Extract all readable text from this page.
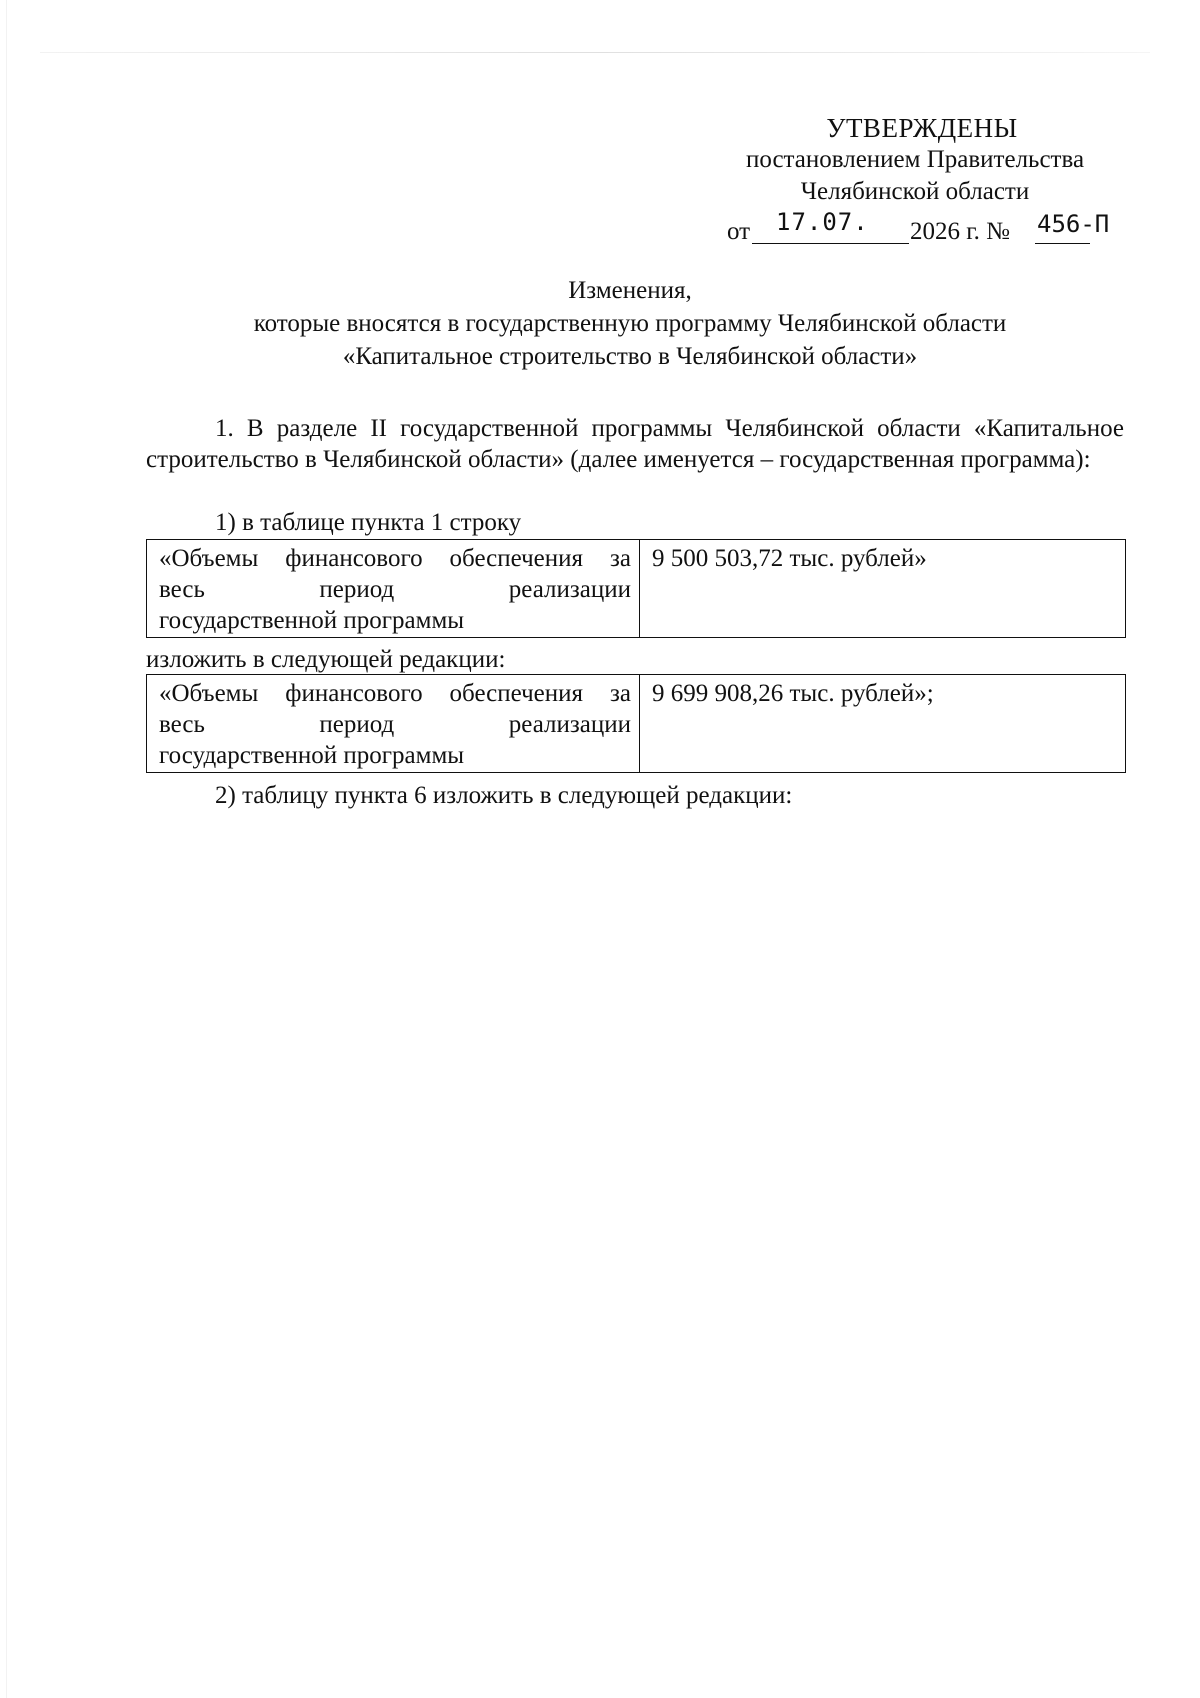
УТВЕРЖДЕНЫ
постановлением Правительства
Челябинской области
от 17.07. 2026 г. № 456-П
Изменения,
которые вносятся в государственную программу Челябинской области
«Капитальное строительство в Челябинской области»
1. В разделе II государственной программы Челябинской области «Капитальное строительство в Челябинской области» (далее именуется – государственная программа):
1) в таблице пункта 1 строку
«Объемы финансового обеспечения за
весь период реализации
государственной программы
	9 500 503,72 тыс. рублей»
изложить в следующей редакции:
«Объемы финансового обеспечения за
весь период реализации
государственной программы
	9 699 908,26 тыс. рублей»;
2) таблицу пункта 6 изложить в следующей редакции:
